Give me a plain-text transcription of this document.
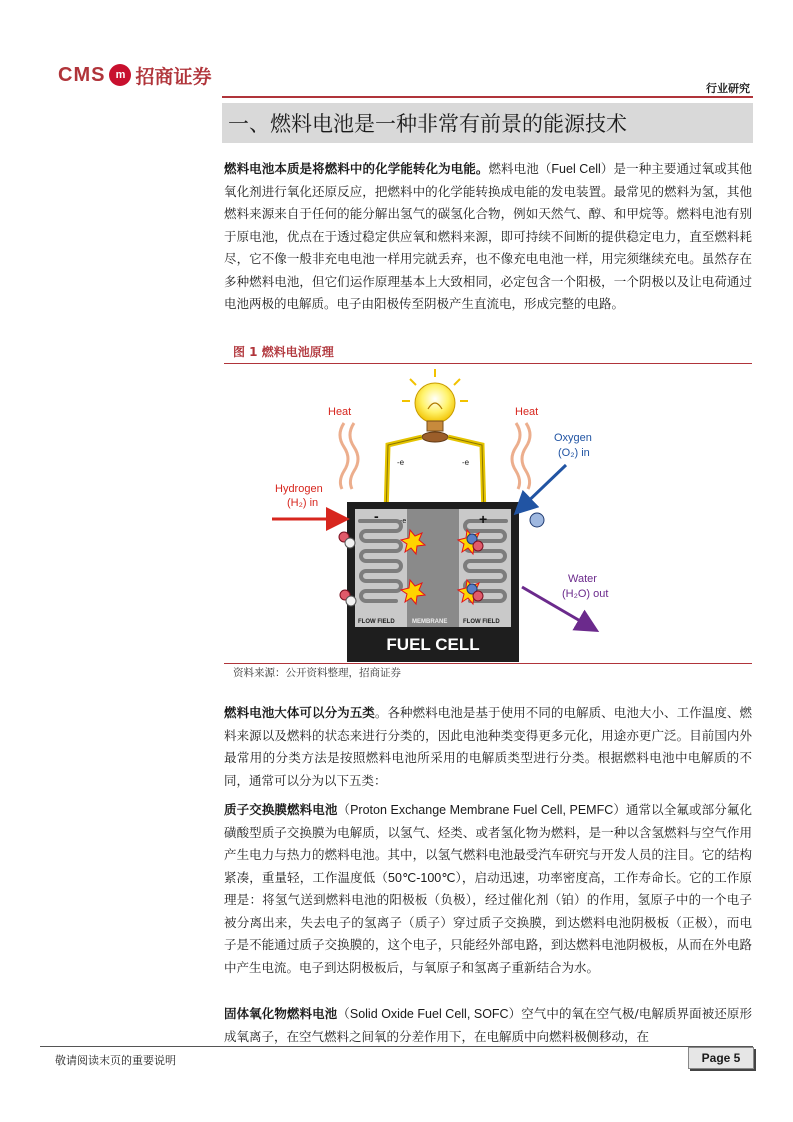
CMS m 招商证券
行业研究
一、燃料电池是一种非常有前景的能源技术
燃料电池本质是将燃料中的化学能转化为电能。燃料电池（Fuel Cell）是一种主要通过氧或其他氧化剂进行氧化还原反应，把燃料中的化学能转换成电能的发电装置。最常见的燃料为氢，其他燃料来源来自于任何的能分解出氢气的碳氢化合物，例如天然气、醇、和甲烷等。燃料电池有别于原电池，优点在于透过稳定供应氧和燃料来源，即可持续不间断的提供稳定电力，直至燃料耗尽，它不像一般非充电电池一样用完就丢弃，也不像充电电池一样，用完须继续充电。虽然存在多种燃料电池，但它们运作原理基本上大致相同，必定包含一个阳极，一个阴极以及让电荷通过电池两极的电解质。电子由阳极传至阴极产生直流电，形成完整的电路。
图 1 燃料电池原理
Heat	Heat
-e	-e
-	+
-e
FLOW FIELD	MEMBRANE	FLOW FIELD
FUEL CELL
Hydrogen
(H₂) in
Oxygen
(O₂) in
Water
(H₂O) out
资料来源：公开资料整理，招商证券
燃料电池大体可以分为五类。各种燃料电池是基于使用不同的电解质、电池大小、工作温度、燃料来源以及燃料的状态来进行分类的，因此电池种类变得更多元化，用途亦更广泛。目前国内外最常用的分类方法是按照燃料电池所采用的电解质类型进行分类。根据燃料电池中电解质的不同，通常可以分为以下五类：
质子交换膜燃料电池（Proton Exchange Membrane Fuel Cell, PEMFC）通常以全氟或部分氟化磺酸型质子交换膜为电解质，以氢气、烃类、或者氢化物为燃料，是一种以含氢燃料与空气作用产生电力与热力的燃料电池。其中，以氢气燃料电池最受汽车研究与开发人员的注目。它的结构紧凑，重量轻，工作温度低（50℃-100℃），启动迅速，功率密度高，工作寿命长。它的工作原理是：将氢气送到燃料电池的阳极板（负极），经过催化剂（铂）的作用，氢原子中的一个电子被分离出来，失去电子的氢离子（质子）穿过质子交换膜，到达燃料电池阴极板（正极），而电子是不能通过质子交换膜的，这个电子，只能经外部电路，到达燃料电池阴极板，从而在外电路中产生电流。电子到达阴极板后，与氧原子和氢离子重新结合为水。
固体氧化物燃料电池（Solid Oxide Fuel Cell, SOFC）空气中的氧在空气极/电解质界面被还原形成氧离子，在空气燃料之间氧的分差作用下，在电解质中向燃料极侧移动，在
敬请阅读末页的重要说明	Page 5
